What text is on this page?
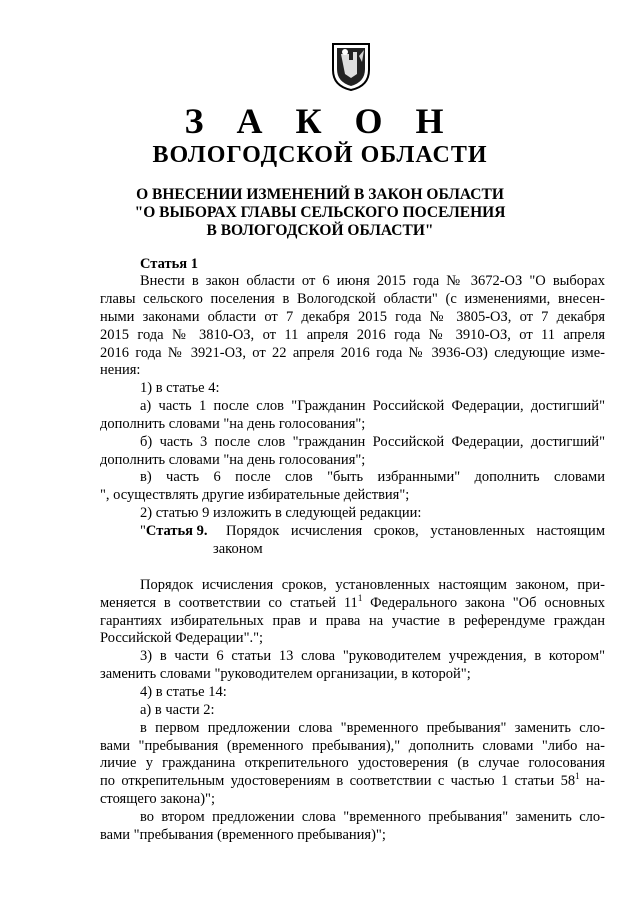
З А К О Н
ВОЛОГОДСКОЙ ОБЛАСТИ
О ВНЕСЕНИИ ИЗМЕНЕНИЙ В ЗАКОН ОБЛАСТИ
"О ВЫБОРАХ ГЛАВЫ СЕЛЬСКОГО ПОСЕЛЕНИЯ
В ВОЛОГОДСКОЙ ОБЛАСТИ"
Статья 1
Внести в закон области от 6 июня 2015 года № 3672-ОЗ "О выборах
главы сельского поселения в Вологодской области" (с изменениями, внесен-
ными законами области от 7 декабря 2015 года № 3805-ОЗ, от 7 декабря
2015 года № 3810-ОЗ, от 11 апреля 2016 года № 3910-ОЗ, от 11 апреля
2016 года № 3921-ОЗ, от 22 апреля 2016 года № 3936-ОЗ) следующие изме-
нения:
1) в статье 4:
а) часть 1 после слов "Гражданин Российской Федерации, достигший"
дополнить словами "на день голосования";
б) часть 3 после слов "гражданин Российской Федерации, достигший"
дополнить словами "на день голосования";
в) часть 6 после слов "быть избранными" дополнить словами
", осуществлять другие избирательные действия";
2) статью 9 изложить в следующей редакции:
"Статья 9. Порядок исчисления сроков, установленных настоящим
законом
Порядок исчисления сроков, установленных настоящим законом, при-
меняется в соответствии со статьей $11^1$ Федерального закона "Об основных
гарантиях избирательных прав и права на участие в референдуме граждан
Российской Федерации".";
3) в части 6 статьи 13 слова "руководителем учреждения, в котором"
заменить словами "руководителем организации, в которой";
4) в статье 14:
а) в части 2:
в первом предложении слова "временного пребывания" заменить сло-
вами "пребывания (временного пребывания)," дополнить словами "либо на-
личие у гражданина открепительного удостоверения (в случае голосования
по открепительным удостоверениям в соответствии с частью 1 статьи $58^1$ на-
стоящего закона)";
во втором предложении слова "временного пребывания" заменить сло-
вами "пребывания (временного пребывания)";
